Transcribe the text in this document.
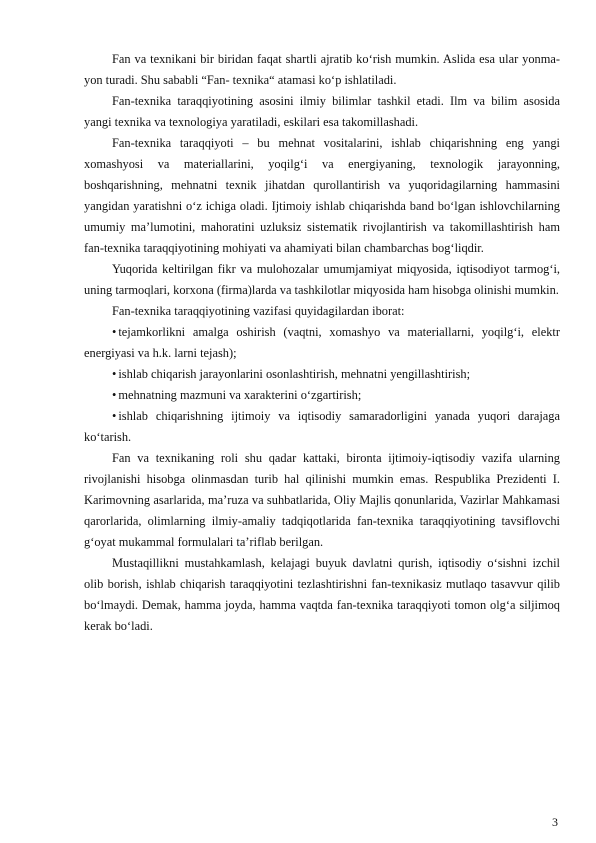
Fan va texnikani bir biridan faqat shartli ajratib ko‘rish mumkin. Aslida esa ular yonma-yon turadi. Shu sababli “Fan- texnika“ atamasi ko‘p ishlatiladi.

Fan-texnika taraqqiyotining asosini ilmiy bilimlar tashkil etadi. Ilm va bilim asosida yangi texnika va texnologiya yaratiladi, eskilari esa takomillashadi.

Fan-texnika taraqqiyoti – bu mehnat vositalarini, ishlab chiqarishning eng yangi xomashyosi va materiallarini, yoqilg‘i va energiyaning, texnologik jarayonning, boshqarishning, mehnatni texnik jihatdan qurollantirish va yuqoridagilarning hammasini yangidan yaratishni o‘z ichiga oladi. Ijtimoiy ishlab chiqarishda band bo‘lgan ishlovchilarning umumiy ma’lumotini, mahoratini uzluksiz sistematik rivojlantirish va takomillashtirish ham fan-texnika taraqqiyotining mohiyati va ahamiyati bilan chambarchas bog‘liqdir.

Yuqorida keltirilgan fikr va mulohozalar umumjamiyat miqyosida, iqtisodiyot tarmog‘i, uning tarmoqlari, korxona (firma)larda va tashkilotlar miqyosida ham hisobga olinishi mumkin.

Fan-texnika taraqqiyotining vazifasi quyidagilardan iborat:

• tejamkorlikni amalga oshirish (vaqtni, xomashyo va materiallarni, yoqilg‘i, elektr energiyasi va h.k. larni tejash);

• ishlab chiqarish jarayonlarini osonlashtirish, mehnatni yengillashtirish;

• mehnatning mazmuni va xarakterini o‘zgartirish;

• ishlab chiqarishning ijtimoiy va iqtisodiy samaradorligini yanada yuqori darajaga ko‘tarish.

Fan va texnikaning roli shu qadar kattaki, bironta ijtimoiy-iqtisodiy vazifa ularning rivojlanishi hisobga olinmasdan turib hal qilinishi mumkin emas. Respublika Prezidenti I. Karimovning asarlarida, ma’ruza va suhbatlarida, Oliy Majlis qonunlarida, Vazirlar Mahkamasi qarorlarida, olimlarning ilmiy-amaliy tadqiqotlarida fan-texnika taraqqiyotining tavsiflovchi g‘oyat mukammal formulalari ta’riflab berilgan.

Mustaqillikni mustahkamlash, kelajagi buyuk davlatni qurish, iqtisodiy o‘sishni izchil olib borish, ishlab chiqarish taraqqiyotini tezlashtirishni fan-texnikasiz mutlaqo tasavvur qilib bo‘lmaydi. Demak, hamma joyda, hamma vaqtda fan-texnika taraqqiyoti tomon olg‘a siljimoq kerak bo‘ladi.

3
